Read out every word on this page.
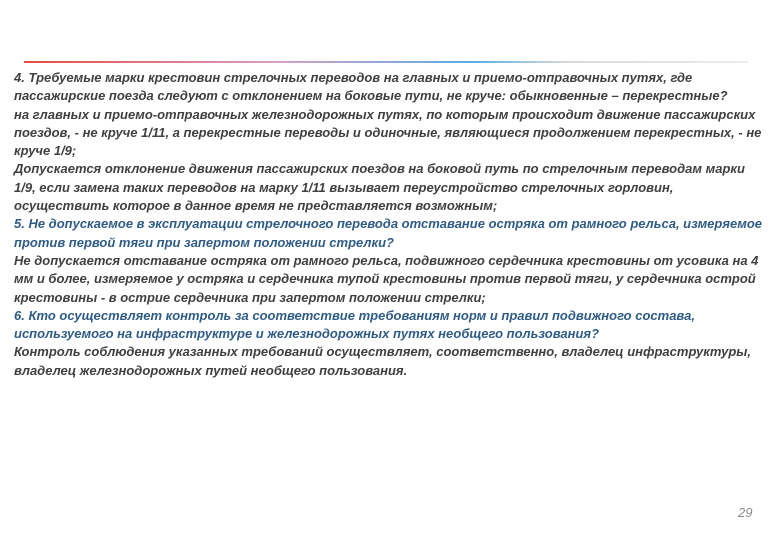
4. Требуемые марки крестовин стрелочных переводов на главных и приемо-отправочных путях, где пассажирские поезда следуют с отклонением на боковые пути, не круче: обыкновенные – перекрестные?

на главных и приемо-отправочных железнодорожных путях, по которым происходит движение пассажирских поездов, - не круче 1/11, а перекрестные переводы и одиночные, являющиеся продолжением перекрестных, - не круче 1/9;

Допускается отклонение движения пассажирских поездов на боковой путь по стрелочным переводам марки 1/9, если замена таких переводов на марку 1/11 вызывает переустройство стрелочных горловин, осуществить которое в данное время не представляется возможным;

5. Не допускаемое в эксплуатации стрелочного перевода отставание остряка от рамного рельса, измеряемое против первой тяги при запертом положении стрелки?

Не допускается отставание остряка от рамного рельса, подвижного сердечника крестовины от усовика на 4 мм и более, измеряемое у остряка и сердечника тупой крестовины против первой тяги, у сердечника острой крестовины - в острие сердечника при запертом положении стрелки;

6. Кто осуществляет контроль за соответствие требованиям норм и правил подвижного состава, используемого на инфраструктуре и железнодорожных путях необщего пользования?

Контроль соблюдения указанных требований осуществляет, соответственно, владелец инфраструктуры, владелец железнодорожных путей необщего пользования.

29
